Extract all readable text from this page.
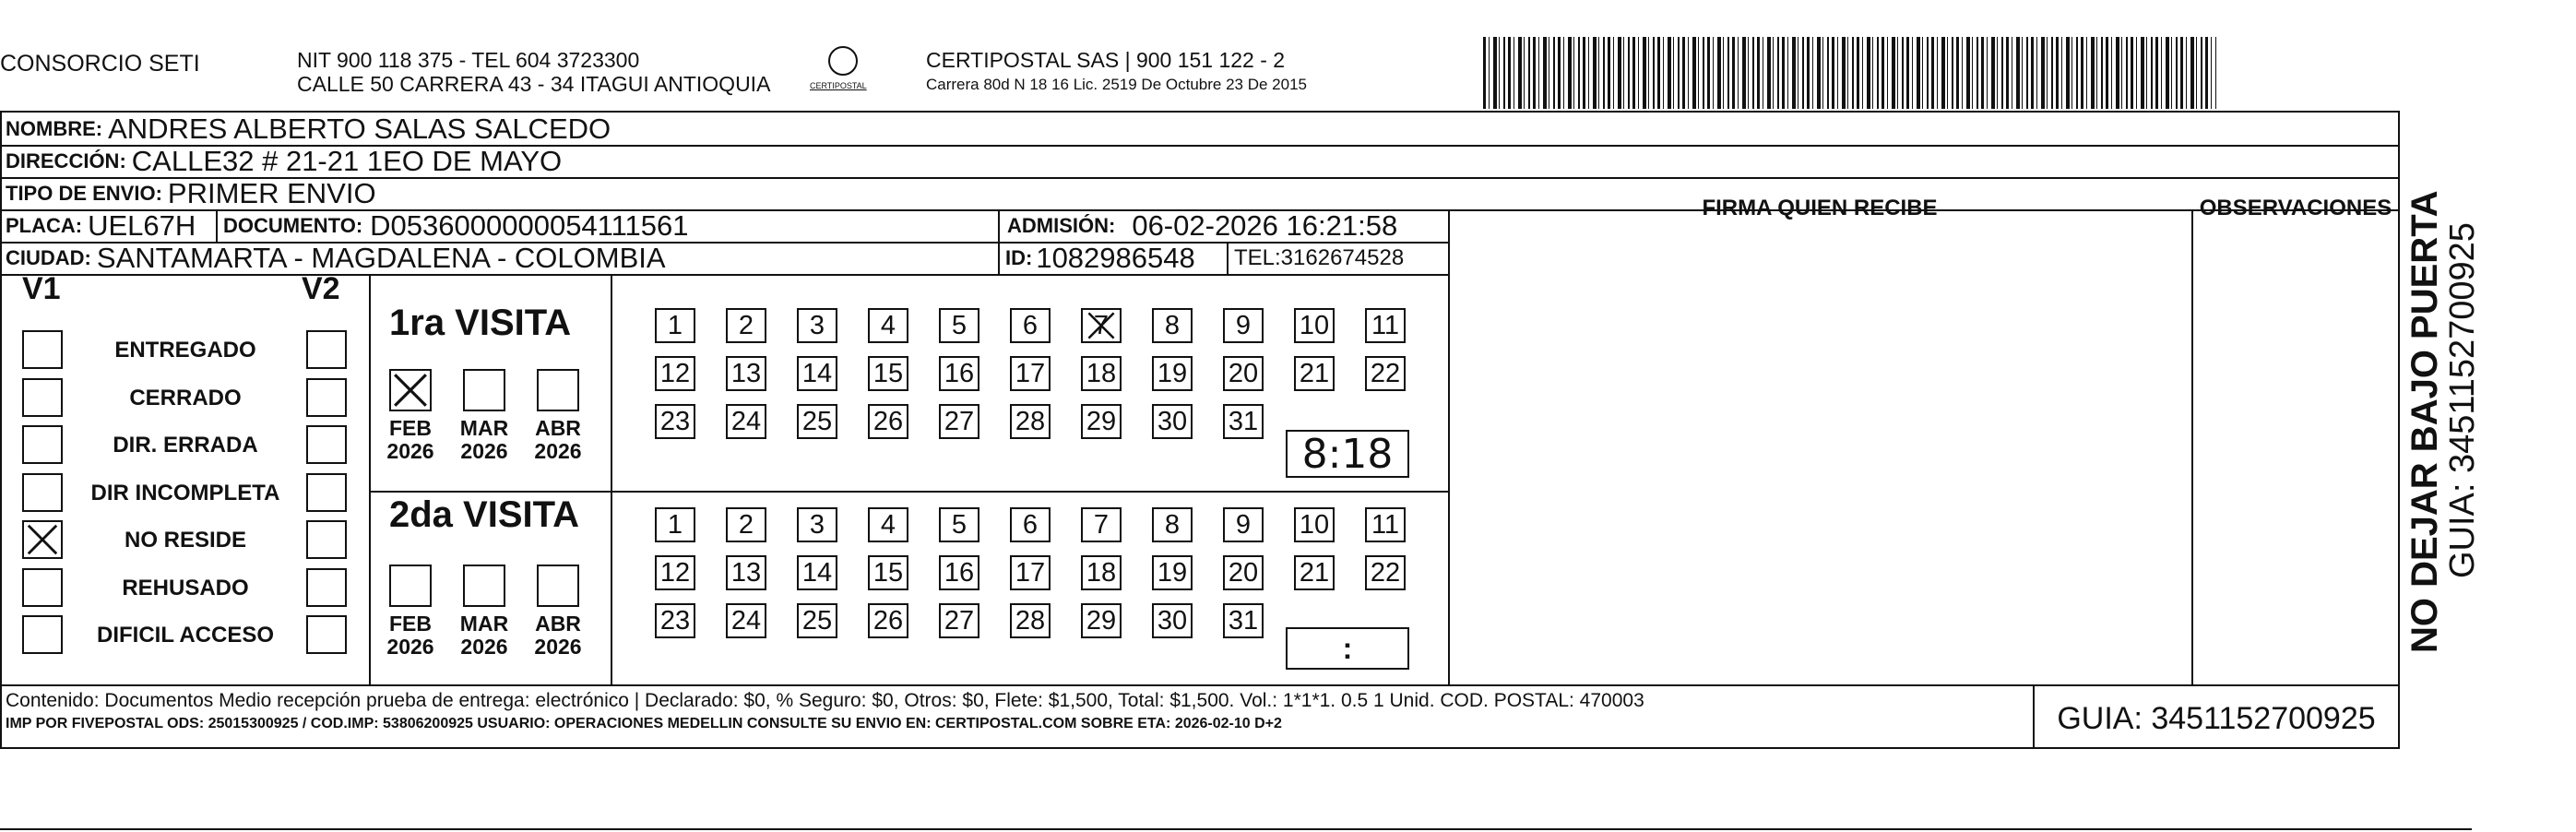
CONSORCIO SETI	NIT 900 118 375 - TEL 604 3723300
CALLE 50 CARRERA 43 - 34 ITAGUI ANTIOQUIA	CERTIPOSTAL
CERTIPOSTAL SAS | 900 151 122 - 2
Carrera 80d N 18 16 Lic. 2519 De Octubre 23 De 2015
NOMBRE: ANDRES ALBERTO SALAS SALCEDO
DIRECCIÓN: CALLE32 # 21-21 1EO DE MAYO
TIPO DE ENVIO: PRIMER ENVIO	FIRMA QUIEN RECIBE	OBSERVACIONES
PLACA: UEL67H DOCUMENTO: D0536000000054111561	ADMISIÓN: 06-02-2026 16:21:58
CIUDAD: SANTAMARTA - MAGDALENA - COLOMBIA	ID: 1082986548 TEL:3162674528
V1	V2
ENTREGADO
CERRADO
DIR. ERRADA
DIR INCOMPLETA
NO RESIDE
REHUSADO
DIFICIL ACCESO
1ra VISITA
2da VISITA
FEB
2026
MAR
2026
ABR
2026
FEB
2026
MAR
2026
ABR
2026
1	2	3	4	5	6	7	8	9	10 11
12 13 14 15 16 17 18 19 20 21 22
23 24 25 26 27 28 29 30 31
1	2	3	4	5	6	7	8	9	10 11
12 13 14 15 16 17 18 19 20 21 22
23 24 25 26 27 28 29 30 31
8:18
:
Contenido: Documentos Medio recepción prueba de entrega: electrónico | Declarado: $0, % Seguro: $0, Otros: $0, Flete: $1,500, Total: $1,500. Vol.: 1*1*1. 0.5 1 Unid. COD. POSTAL: 470003
IMP POR FIVEPOSTAL ODS: 25015300925 / COD.IMP: 53806200925 USUARIO: OPERACIONES MEDELLIN CONSULTE SU ENVIO EN: CERTIPOSTAL.COM SOBRE ETA: 2026-02-10 D+2	GUIA: 3451152700925
NO DEJAR BAJO PUERTA
GUIA: 3451152700925
